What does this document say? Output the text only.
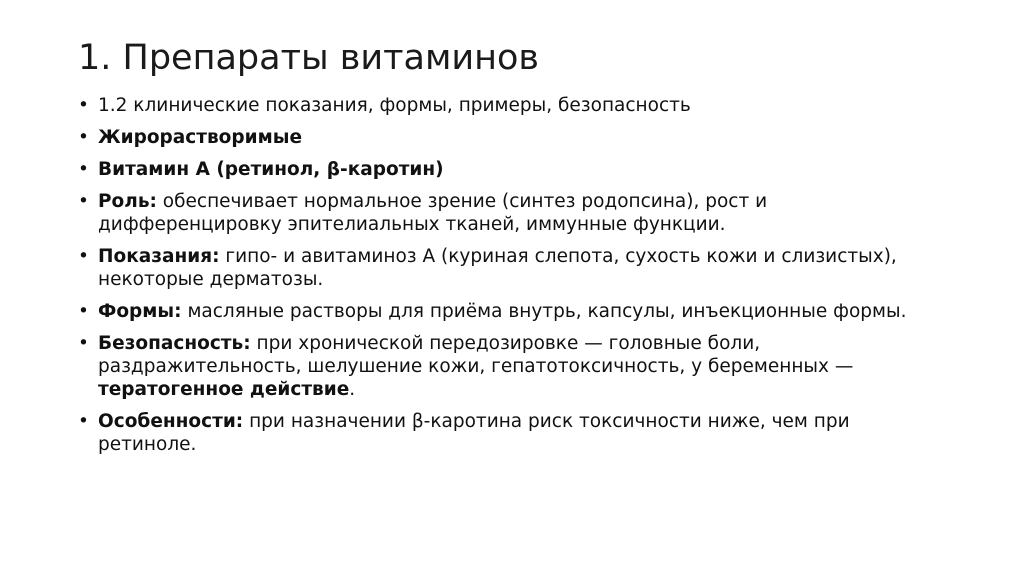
1. Препараты витаминов
• 1.2 клинические показания, формы, примеры, безопасность
• Жирорастворимые
• Витамин А (ретинол, β-каротин)
• Роль: обеспечивает нормальное зрение (синтез родопсина), рост и дифференцировку эпителиальных тканей, иммунные функции.
• Показания: гипо- и авитаминоз А (куриная слепота, сухость кожи и слизистых), некоторые дерматозы.
• Формы: масляные растворы для приёма внутрь, капсулы, инъекционные формы.
• Безопасность: при хронической передозировке — головные боли, раздражительность, шелушение кожи, гепатотоксичность, у беременных — тератогенное действие.
• Особенности: при назначении β-каротина риск токсичности ниже, чем при ретиноле.
